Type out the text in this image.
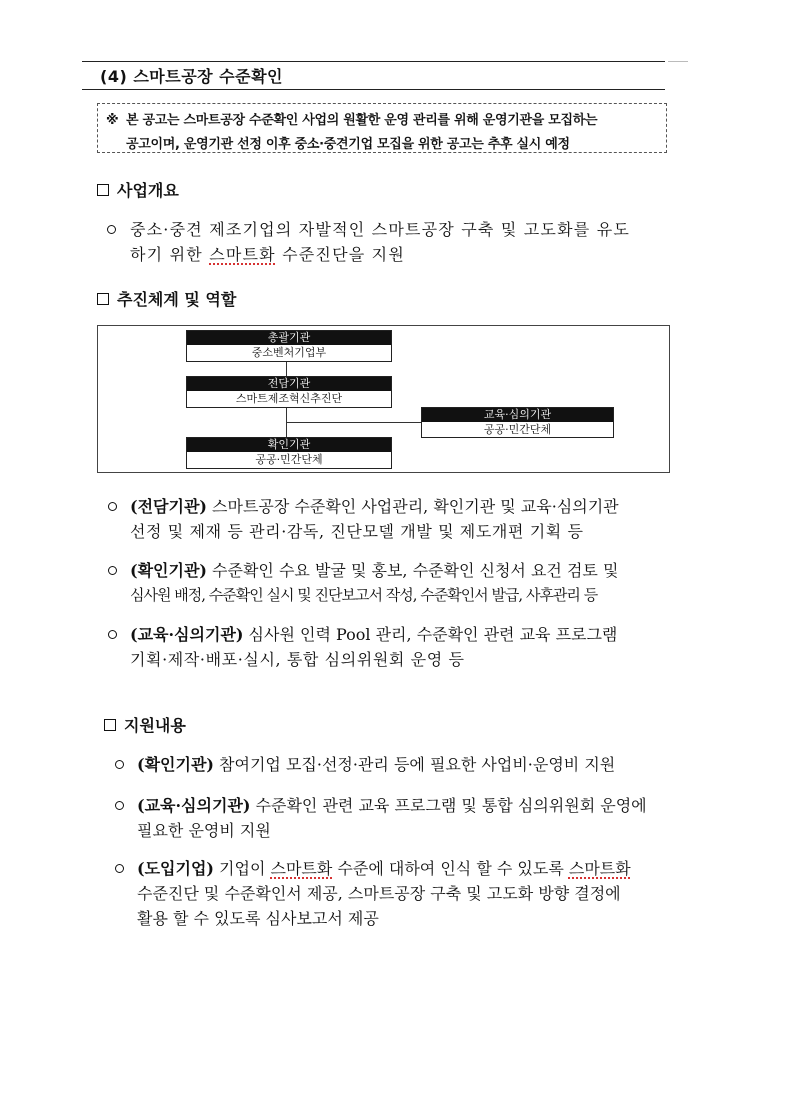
(4) 스마트공장 수준확인
※ 본 공고는 스마트공장 수준확인 사업의 원활한 운영 관리를 위해 운영기관을 모집하는
공고이며, 운영기관 선정 이후 중소·중견기업 모집을 위한 공고는 추후 실시 예정
사업개요
중소·중견 제조기업의 자발적인 스마트공장 구축 및 고도화를 유도
하기 위한 스마트화 수준진단을 지원
추진체계 및 역할
총괄기관
중소벤처기업부
전담기관
스마트제조혁신추진단
교육·심의기관
공공·민간단체
확인기관
공공·민간단체
(전담기관) 스마트공장 수준확인 사업관리, 확인기관 및 교육·심의기관
선정 및 제재 등 관리·감독, 진단모델 개발 및 제도개편 기획 등
(확인기관) 수준확인 수요 발굴 및 홍보, 수준확인 신청서 요건 검토 및
심사원 배정, 수준확인 실시 및 진단보고서 작성, 수준확인서 발급, 사후관리 등
(교육·심의기관) 심사원 인력 Pool 관리, 수준확인 관련 교육 프로그램
기획·제작·배포·실시, 통합 심의위원회 운영 등
지원내용
(확인기관) 참여기업 모집·선정·관리 등에 필요한 사업비·운영비 지원
(교육·심의기관) 수준확인 관련 교육 프로그램 및 통합 심의위원회 운영에
필요한 운영비 지원
(도입기업) 기업이 스마트화 수준에 대하여 인식 할 수 있도록 스마트화
수준진단 및 수준확인서 제공, 스마트공장 구축 및 고도화 방향 결정에
활용 할 수 있도록 심사보고서 제공
